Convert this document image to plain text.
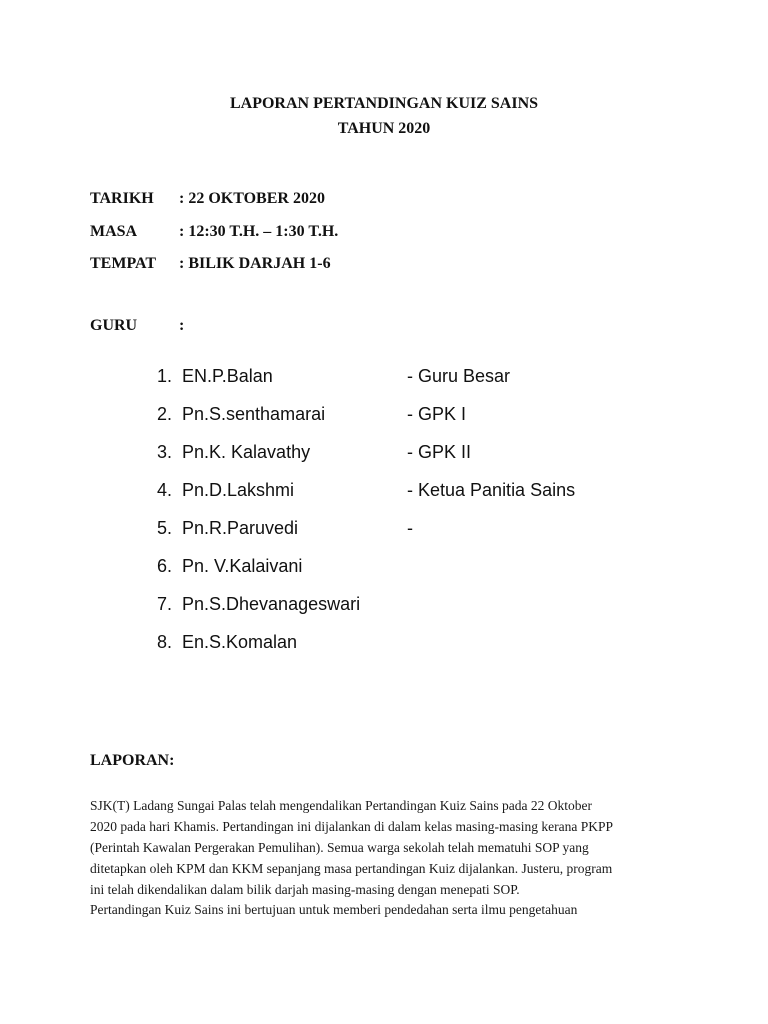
LAPORAN PERTANDINGAN KUIZ SAINS
TAHUN 2020
TARIKH : 22 OKTOBER 2020
MASA	: 12:30 T.H. – 1:30 T.H.
TEMPAT : BILIK DARJAH 1-6
GURU	:
1. EN.P.Balan	- Guru Besar
2. Pn.S.senthamarai	- GPK I
3. Pn.K. Kalavathy	- GPK II
4. Pn.D.Lakshmi	- Ketua Panitia Sains
5. Pn.R.Paruvedi	-
6. Pn. V.Kalaivani
7. Pn.S.Dhevanageswari
8. En.S.Komalan
LAPORAN:
SJK(T) Ladang Sungai Palas telah mengendalikan Pertandingan Kuiz Sains pada 22 Oktober
2020 pada hari Khamis. Pertandingan ini dijalankan di dalam kelas masing-masing kerana PKPP
(Perintah Kawalan Pergerakan Pemulihan). Semua warga sekolah telah mematuhi SOP yang
ditetapkan oleh KPM dan KKM sepanjang masa pertandingan Kuiz dijalankan. Justeru, program
ini telah dikendalikan dalam bilik darjah masing-masing dengan menepati SOP.
Pertandingan Kuiz Sains ini bertujuan untuk memberi pendedahan serta ilmu pengetahuan
